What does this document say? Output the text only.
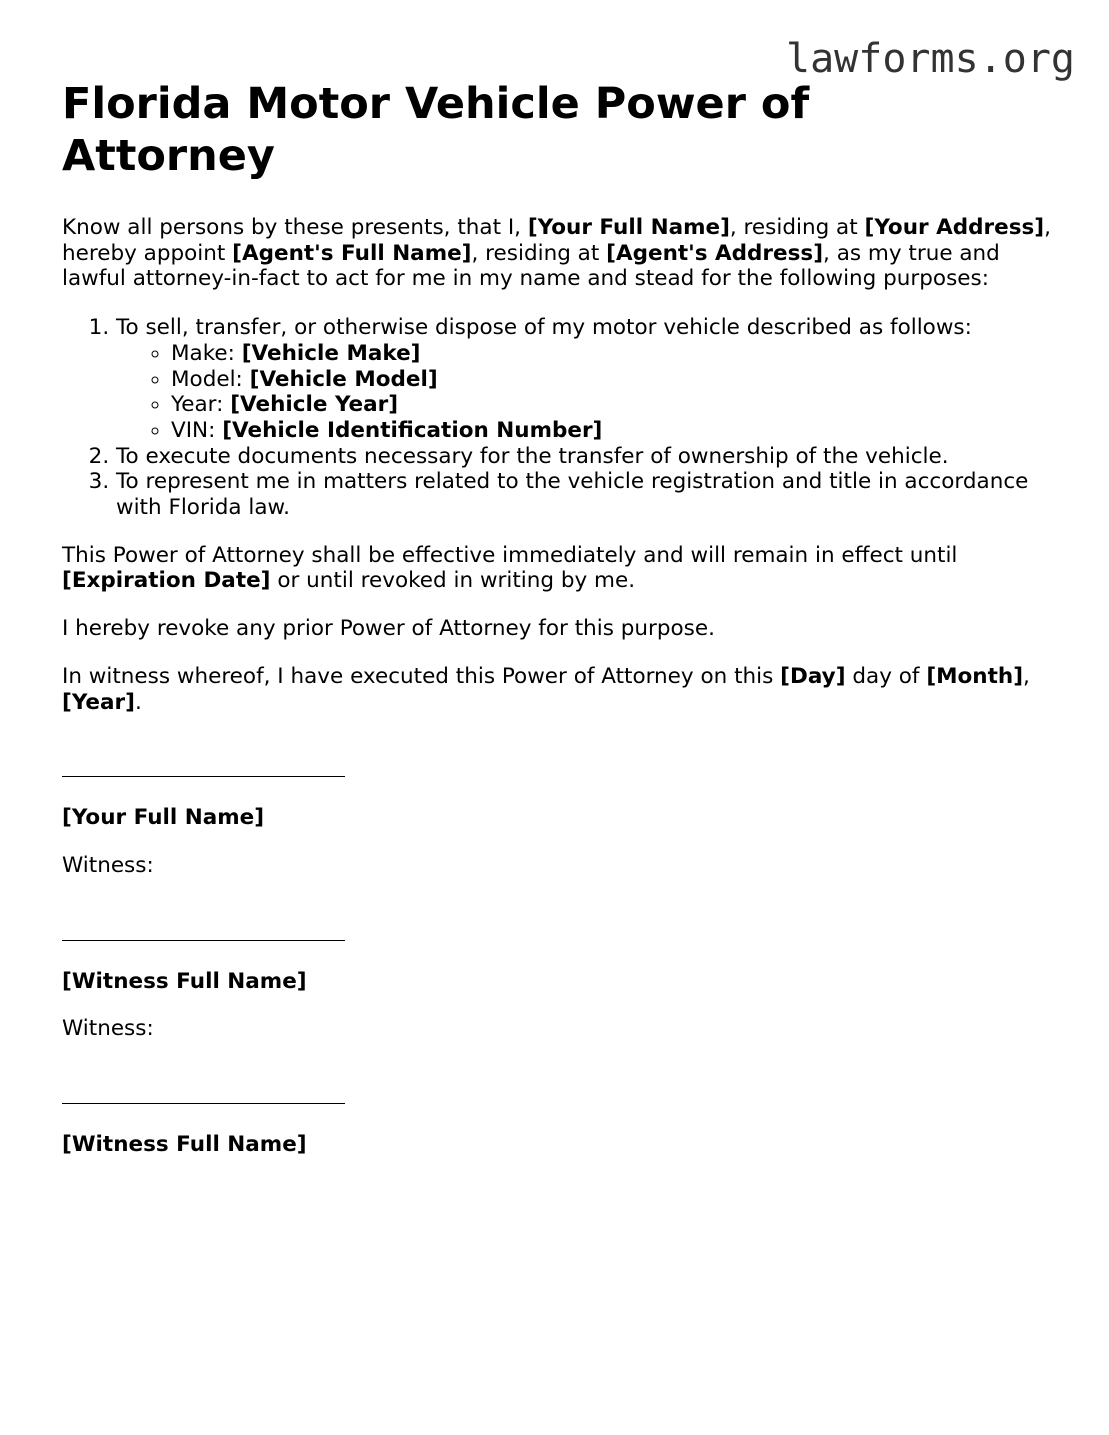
lawforms.org
Florida Motor Vehicle Power of Attorney

Know all persons by these presents, that I, [Your Full Name], residing at [Your Address], hereby appoint [Agent's Full Name], residing at [Agent's Address], as my true and lawful attorney-in-fact to act for me in my name and stead for the following purposes:

1. To sell, transfer, or otherwise dispose of my motor vehicle described as follows:
◦ Make: [Vehicle Make]
◦ Model: [Vehicle Model]
◦ Year: [Vehicle Year]
◦ VIN: [Vehicle Identification Number]
2. To execute documents necessary for the transfer of ownership of the vehicle.
3. To represent me in matters related to the vehicle registration and title in accordance with Florida law.

This Power of Attorney shall be effective immediately and will remain in effect until [Expiration Date] or until revoked in writing by me.

I hereby revoke any prior Power of Attorney for this purpose.

In witness whereof, I have executed this Power of Attorney on this [Day] day of [Month], [Year].

[Your Full Name]

Witness:

[Witness Full Name]

Witness:

[Witness Full Name]
